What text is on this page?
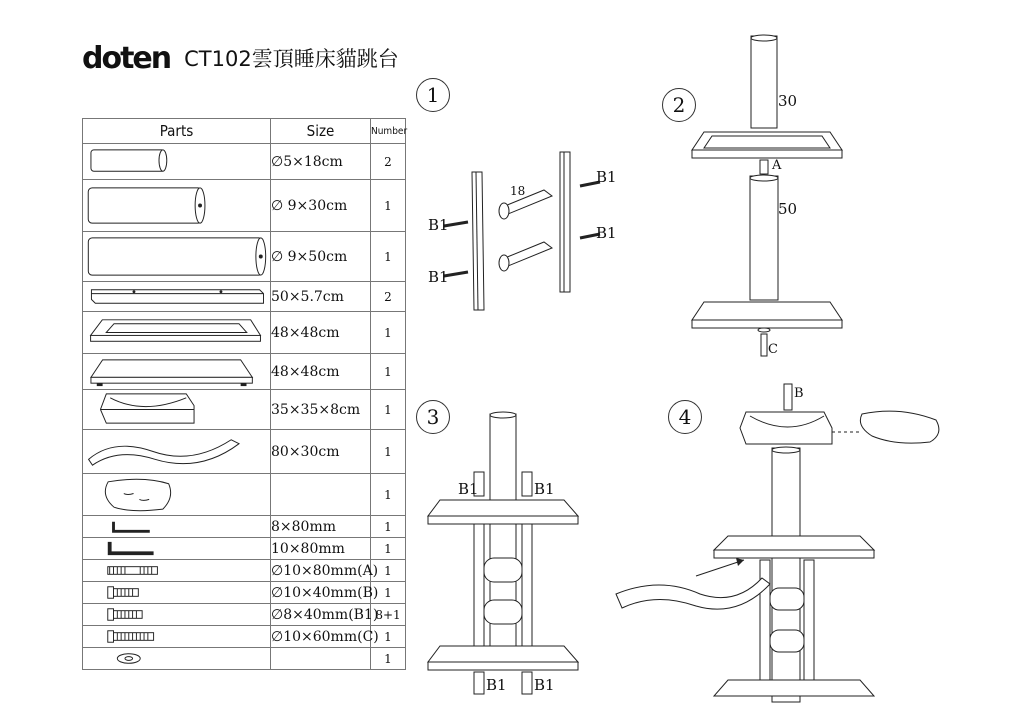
doten CT102雲頂睡床貓跳台
Parts	Size	Number

	∅5×18cm	2

	∅ 9×30cm	1

	∅ 9×50cm	1

	50×5.7cm	2

	48×48cm	1

	48×48cm	1

	35×35×8cm	1

	80×30cm	1

		1

	8×80mm	1

	10×80mm	1

	∅10×80mm(A)	1

	∅10×40mm(B)	1

	∅8×40mm(B1)	8+1

	∅10×60mm(C)	1

		1
1
18
B1
B1
B1
B1
2	30
A
50
C
3
B1	B1
B1 B1
4
B
